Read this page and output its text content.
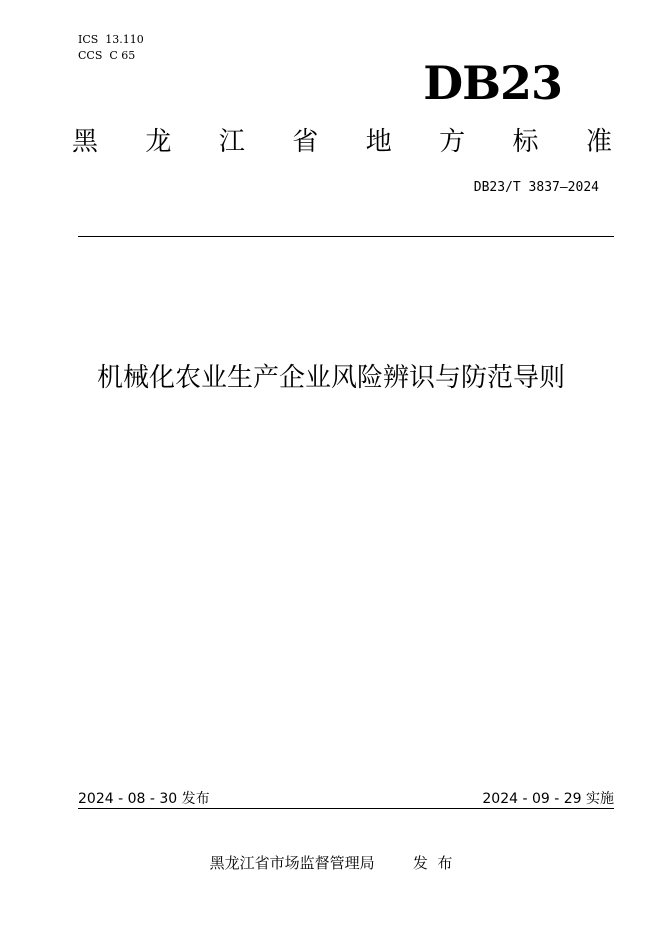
ICS  13.110
CCS  C 65
DB23
黑 龙 江 省 地 方 标 准
DB23/T 3837—2024
机械化农业生产企业风险辨识与防范导则
2024 - 08 - 30 发布	2024 - 09 - 29 实施
黑龙江省市场监督管理局	发  布
